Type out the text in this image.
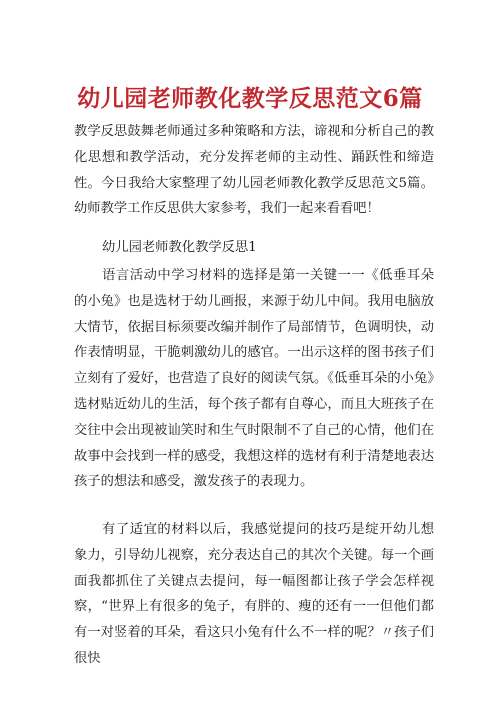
幼儿园老师教化教学反思范文6篇

教学反思鼓舞老师通过多种策略和方法，谛视和分析自己的教化思想和教学活动，充分发挥老师的主动性、踊跃性和缔造性。今日我给大家整理了幼儿园老师教化教学反思范文5篇。幼师教学工作反思供大家参考，我们一起来看看吧！

幼儿园老师教化教学反思1

语言活动中学习材料的选择是第一关键一一《低垂耳朵的小兔》也是选材于幼儿画报，来源于幼儿中间。我用电脑放大情节，依据目标须要改编并制作了局部情节，色调明快，动作表情明显，干脆刺激幼儿的感官。一出示这样的图书孩子们立刻有了爱好，也营造了良好的阅读气氛。《低垂耳朵的小兔》选材贴近幼儿的生活，每个孩子都有自尊心，而且大班孩子在交往中会出现被讪笑时和生气时限制不了自己的心情，他们在故事中会找到一样的感受，我想这样的选材有利于清楚地表达孩子的想法和感受，激发孩子的表现力。

有了适宜的材料以后，我感觉提问的技巧是绽开幼儿想象力，引导幼儿视察，充分表达自己的其次个关键。每一个画面我都抓住了关键点去提问，每一幅图都让孩子学会怎样视察，“世界上有很多的兔子，有胖的、瘦的还有一一但他们都有一对竖着的耳朵，看这只小兔有什么不一样的呢？〃孩子们很快
